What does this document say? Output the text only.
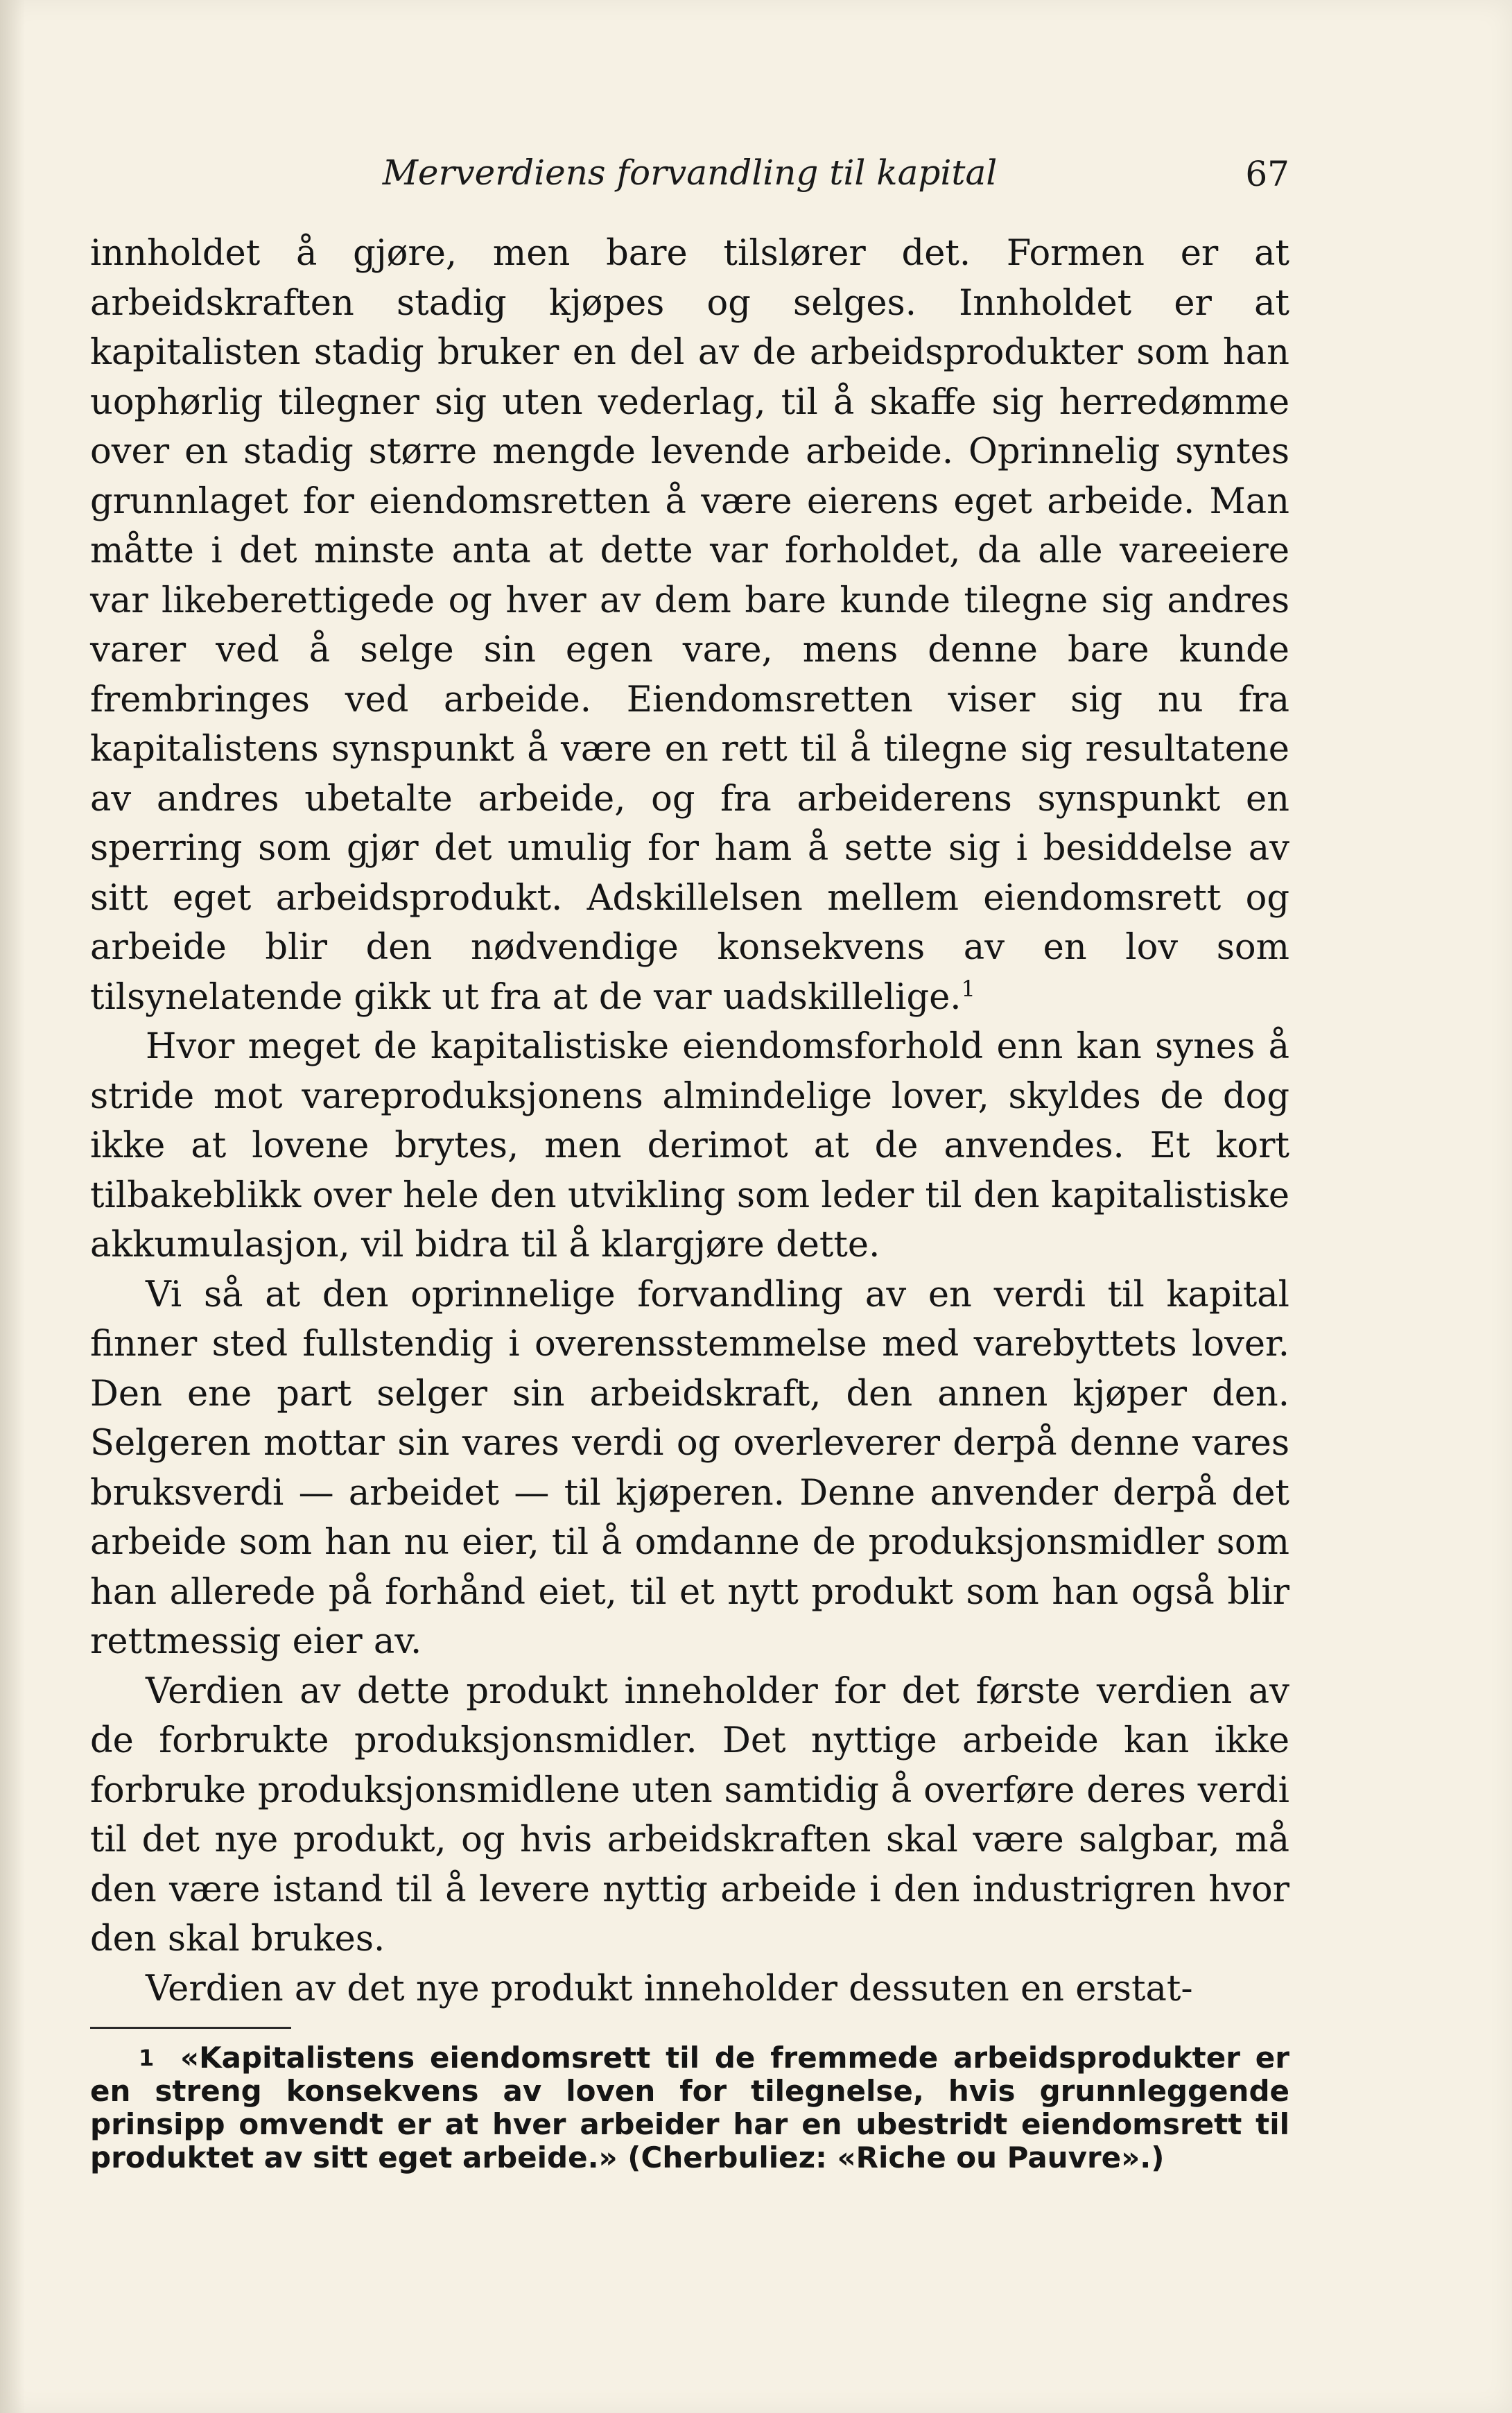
Merverdiens forvandling til kapital	67

innholdet å gjøre, men bare tilslører det. Formen er at arbeidskraften stadig kjøpes og selges. Innholdet er at kapitalisten stadig bruker en del av de arbeidsprodukter som han uophørlig tilegner sig uten vederlag, til å skaffe sig herredømme over en stadig større mengde levende arbeide. Oprinnelig syntes grunnlaget for eiendomsretten å være eierens eget arbeide. Man måtte i det minste anta at dette var forholdet, da alle vareeiere var likeberettigede og hver av dem bare kunde tilegne sig andres varer ved å selge sin egen vare, mens denne bare kunde frembringes ved arbeide. Eiendomsretten viser sig nu fra kapitalistens synspunkt å være en rett til å tilegne sig resultatene av andres ubetalte arbeide, og fra arbeiderens synspunkt en sperring som gjør det umulig for ham å sette sig i besiddelse av sitt eget arbeidsprodukt. Adskillelsen mellem eiendomsrett og arbeide blir den nødvendige konsekvens av en lov som tilsynelatende gikk ut fra at de var uadskillelige.$^1$

Hvor meget de kapitalistiske eiendomsforhold enn kan synes å stride mot vareproduksjonens almindelige lover, skyldes de dog ikke at lovene brytes, men derimot at de anvendes. Et kort tilbakeblikk over hele den utvikling som leder til den kapitalistiske akkumulasjon, vil bidra til å klargjøre dette.

Vi så at den oprinnelige forvandling av en verdi til kapital finner sted fullstendig i overensstemmelse med varebyttets lover. Den ene part selger sin arbeidskraft, den annen kjøper den. Selgeren mottar sin vares verdi og overleverer derpå denne vares bruksverdi — arbeidet — til kjøperen. Denne anvender derpå det arbeide som han nu eier, til å omdanne de produksjonsmidler som han allerede på forhånd eiet, til et nytt produkt som han også blir rettmessig eier av.

Verdien av dette produkt inneholder for det første verdien av de forbrukte produksjonsmidler. Det nyttige arbeide kan ikke forbruke produksjonsmidlene uten samtidig å overføre deres verdi til det nye produkt, og hvis arbeidskraften skal være salgbar, må den være istand til å levere nyttig arbeide i den industrigren hvor den skal brukes.

Verdien av det nye produkt inneholder dessuten en erstat-

1 «Kapitalistens eiendomsrett til de fremmede arbeidsprodukter er en streng konsekvens av loven for tilegnelse, hvis grunnleggende prinsipp omvendt er at hver arbeider har en ubestridt eiendomsrett til produktet av sitt eget arbeide.» (Cherbuliez: «Riche ou Pauvre».)
